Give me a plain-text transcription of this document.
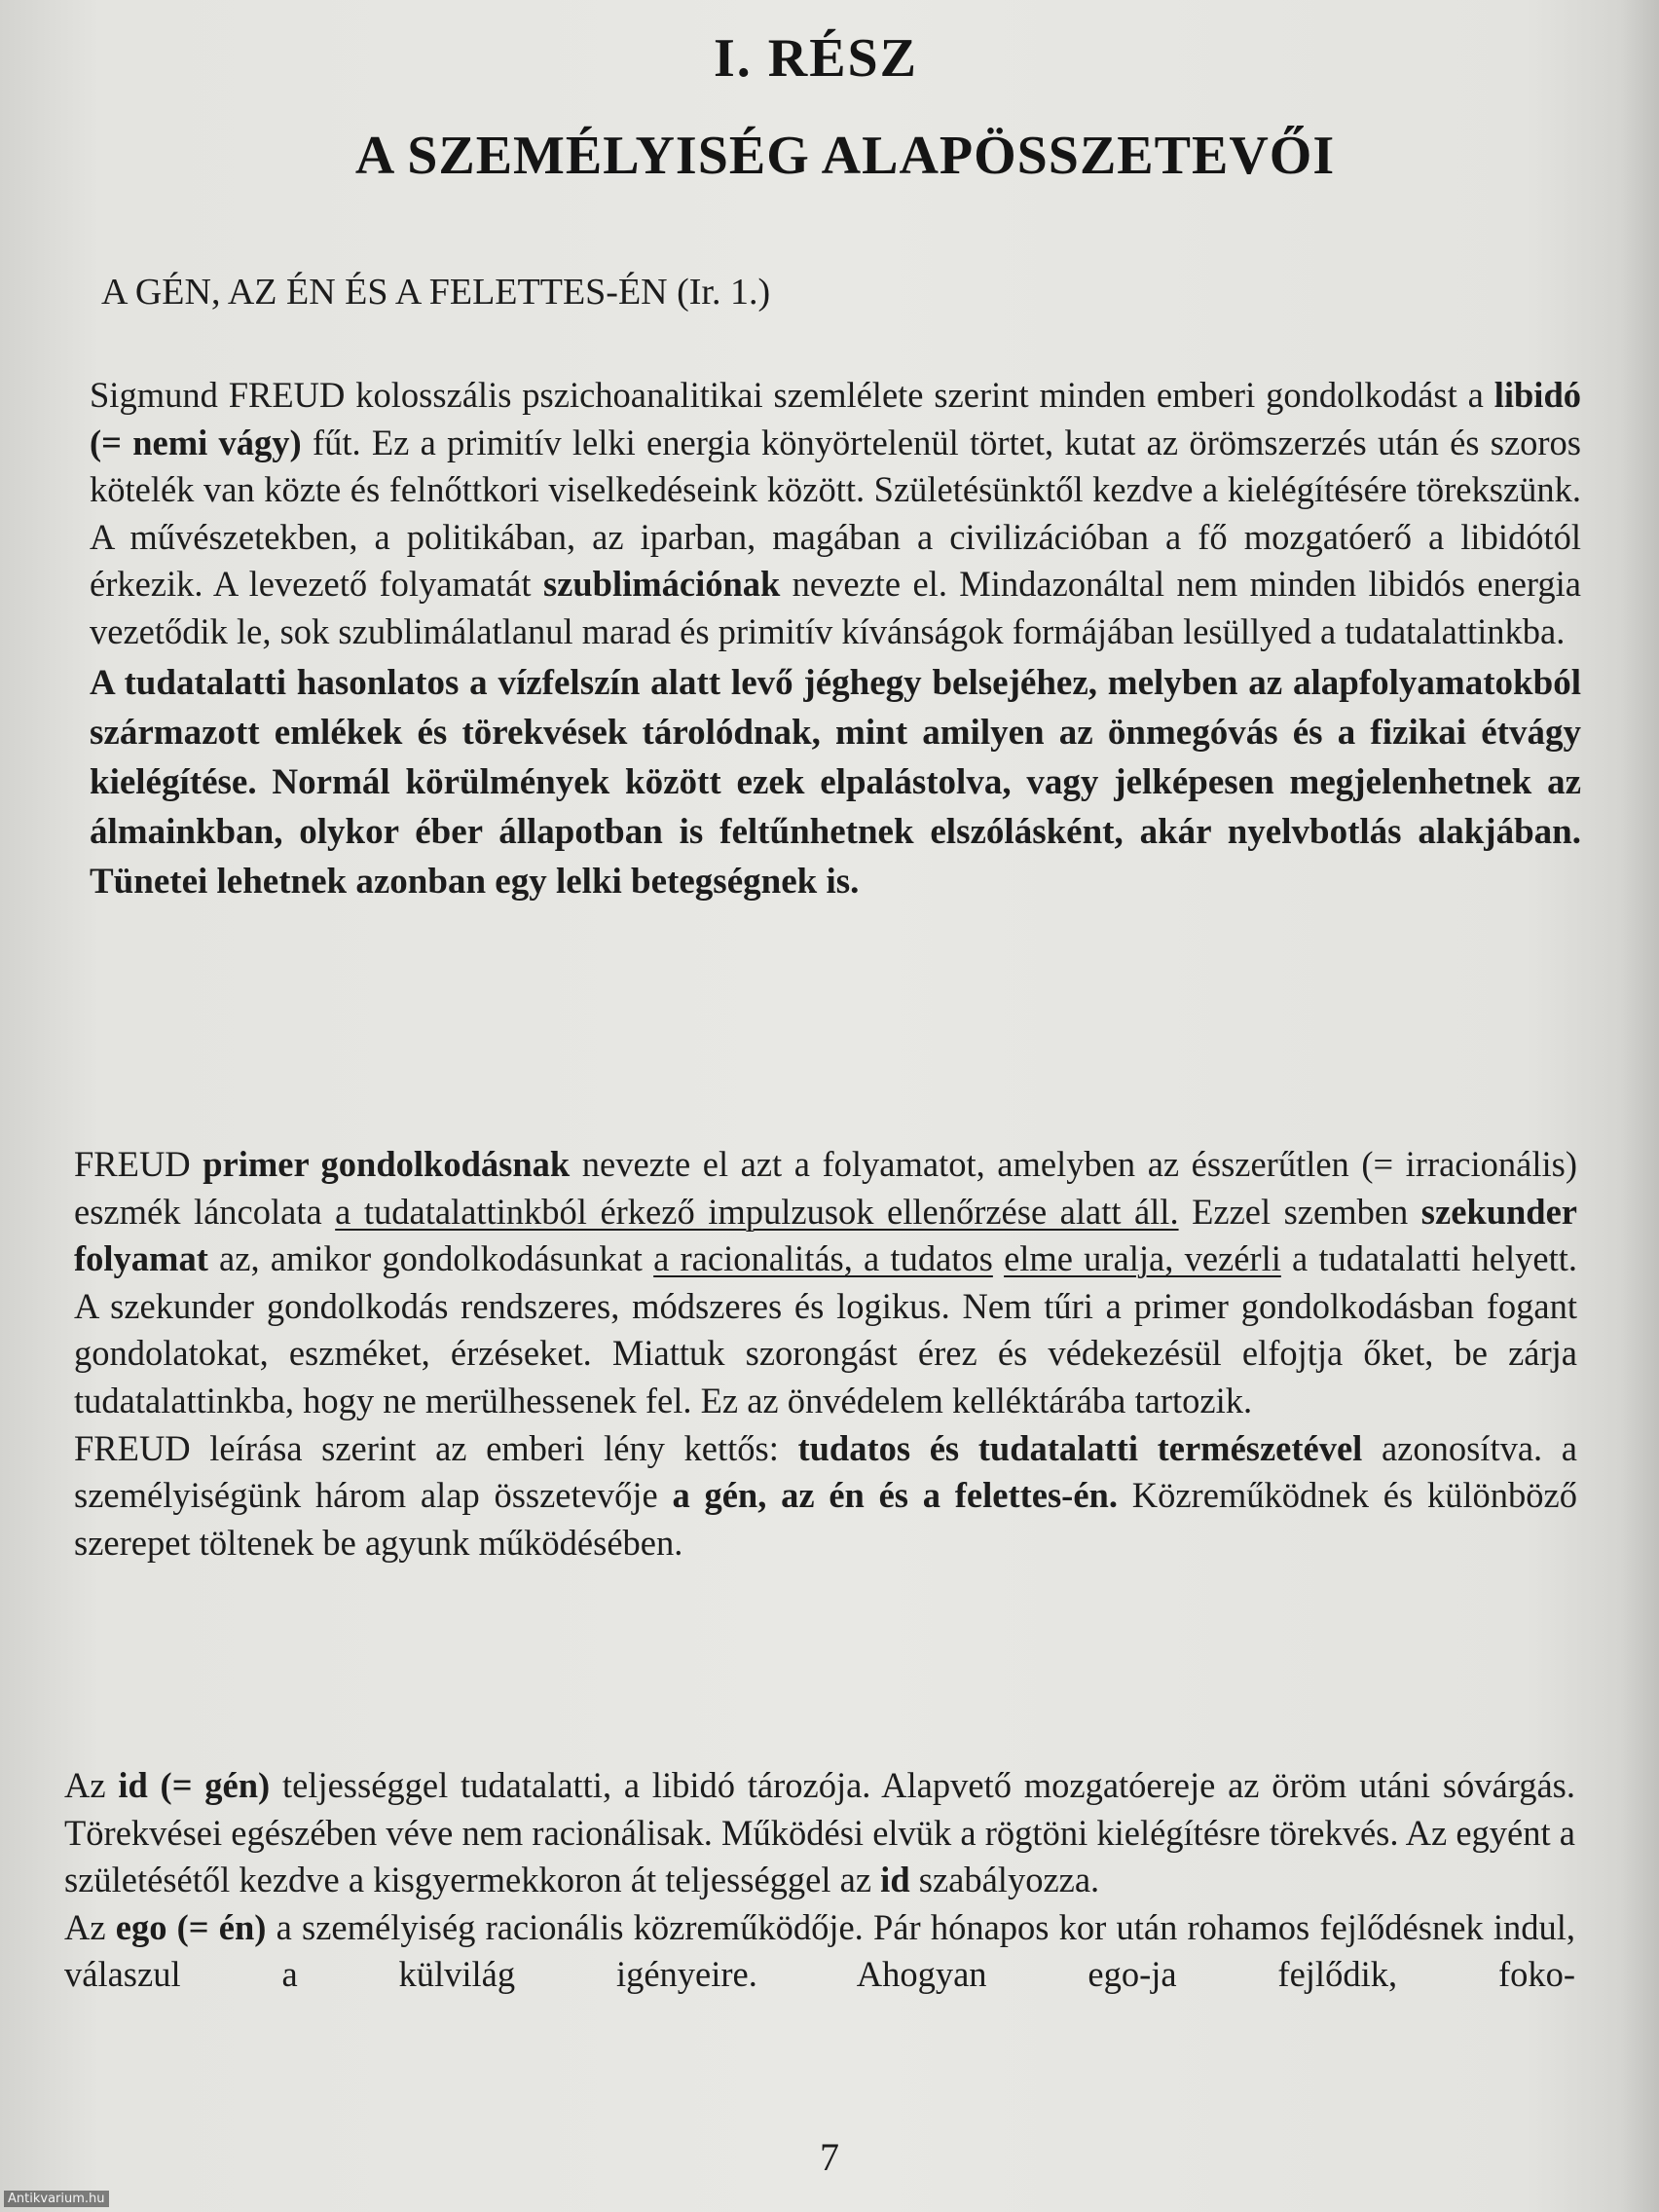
I. RÉSZ
A SZEMÉLYISÉG ALAPÖSSZETEVŐI
A GÉN, AZ ÉN ÉS A FELETTES-ÉN (Ir. 1.)

Sigmund FREUD kolosszális pszichoanalitikai szemlélete szerint minden emberi gondolkodást a libidó (= nemi vágy) fűt. Ez a primitív lelki energia könyörtelenül törtet, kutat az örömszerzés után és szoros kötelék van közte és felnőttkori viselkedéseink között. Születésünktől kezdve a kielégítésére törekszünk. A művészetekben, a politikában, az iparban, magában a civilizációban a fő mozgatóerő a libidótól érkezik. A levezető folyamatát szublimációnak nevezte el. Mindazonáltal nem minden libidós energia vezetődik le, sok szublimálatlanul marad és primitív kívánságok formájában lesüllyed a tudatalattinkba.

A tudatalatti hasonlatos a vízfelszín alatt levő jéghegy belsejéhez, melyben az alapfolyamatokból származott emlékek és törekvések tárolódnak, mint amilyen az önmegóvás és a fizikai étvágy kielégítése. Normál körülmények között ezek elpalástolva, vagy jelképesen megjelenhetnek az álmainkban, olykor éber állapotban is feltűnhetnek elszólásként, akár nyelvbotlás alakjában. Tünetei lehetnek azonban egy lelki betegségnek is.

FREUD primer gondolkodásnak nevezte el azt a folyamatot, amelyben az ésszerűtlen (= irracionális) eszmék láncolata a tudatalattinkból érkező impulzusok ellenőrzése alatt áll. Ezzel szemben szekunder folyamat az, amikor gondolkodásunkat a racionalitás, a tudatos elme uralja, vezérli a tudatalatti helyett. A szekunder gondolkodás rendszeres, módszeres és logikus. Nem tűri a primer gondolkodásban fogant gondolatokat, eszméket, érzéseket. Miattuk szorongást érez és védekezésül elfojtja őket, be zárja tudatalattinkba, hogy ne merülhessenek fel. Ez az önvédelem kelléktárába tartozik.

FREUD leírása szerint az emberi lény kettős: tudatos és tudatalatti természetével azonosítva. a személyiségünk három alap összetevője a gén, az én és a felettes-én. Közreműködnek és különböző szerepet töltenek be agyunk működésében.

Az id (= gén) teljességgel tudatalatti, a libidó tározója. Alapvető mozgatóereje az öröm utáni sóvárgás. Törekvései egészében véve nem racionálisak. Működési elvük a rögtöni kielégítésre törekvés. Az egyént a születésétől kezdve a kisgyermekkoron át teljességgel az id szabályozza.

Az ego (= én) a személyiség racionális közreműködője. Pár hónapos kor után rohamos fejlődésnek indul, válaszul a külvilág igényeire. Ahogyan ego-ja fejlődik, foko-

7
Antikvarium.hu
